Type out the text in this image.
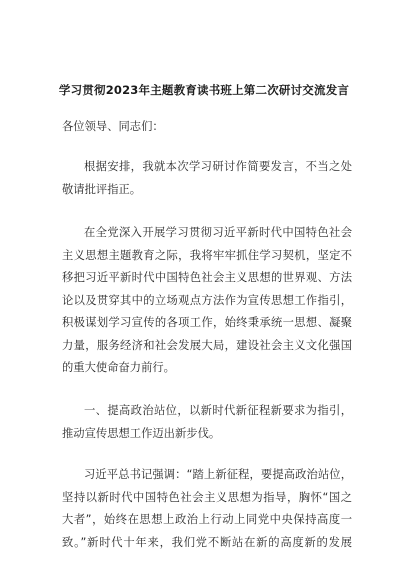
学习贯彻2023年主题教育读书班上第二次研讨交流发言
各位领导、同志们：
根据安排，我就本次学习研讨作简要发言，不当之处
敬请批评指正。
在全党深入开展学习贯彻习近平新时代中国特色社会
主义思想主题教育之际，我将牢牢抓住学习契机，坚定不
移把习近平新时代中国特色社会主义思想的世界观、方法
论以及贯穿其中的立场观点方法作为宣传思想工作指引，
积极谋划学习宣传的各项工作，始终秉承统一思想、凝聚
力量，服务经济和社会发展大局，建设社会主义文化强国
的重大使命奋力前行。
一、提高政治站位，以新时代新征程新要求为指引，
推动宣传思想工作迈出新步伐。
习近平总书记强调：“踏上新征程，要提高政治站位，
坚持以新时代中国特色社会主义思想为指导，胸怀“国之
大者”，始终在思想上政治上行动上同党中央保持高度一
致。”新时代十年来，我们党不断站在新的高度新的发展
